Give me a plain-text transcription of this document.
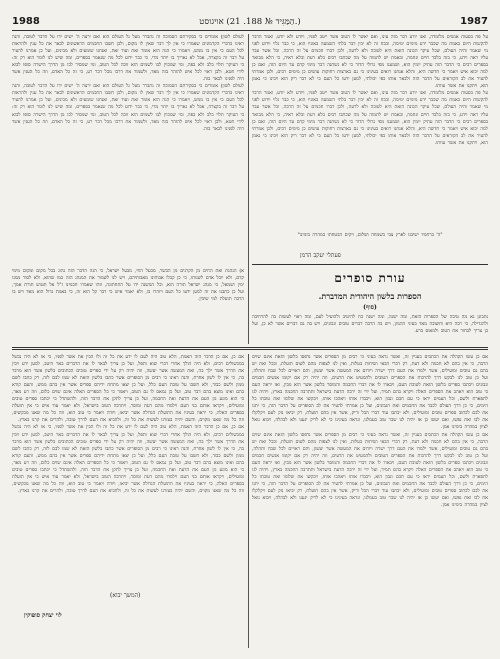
1988	הַמַּגִּיד ‏№ 188. ‏21) אויגוסט.)	1987

על פה בסעות אנשים מלומדה, ואנו יודע דבר מזה עינו, ואם יאשר לו הטוב אשר ייטב לפניו, ויודע ולא יודע, ואמר הדבר להקשות היום באמת מה שכבר ידע מימים ימימה, ובכח זה לא יבין דבר בלתי השמעה באזניו הוא, כי כבר גלוי וידוע לפני מי שאמר והיה העולם, שכל עיקר הכונה הזאת היא לטובה ולא לרעה, ולכן דברו חכמים על זה הרבה, וכל אשר עבר עליו ראה וידע, כי בזה בלבד חיים ונחמה, ובאמת יש לתמוה על מה שכתבו רבים בלא דעת ובלא ראיה, כי הלא מבואר בספרים רבים כי הדבר הזה עתיק יומין הוא, ושמענו מפי גדולי הדור כי לא נשתנה דבר מימי קדם עד היום הזה, ואם כן למה יבוא איש ויאמר כי חדשה היא, והלא אנחנו רואים בעינינו כי גם בארצות רחוקות עושים כן מימים רבים, ולכן אמרתי להעיר את לב הקוראים על הדבר הזה ולבאר אותו כפי יכולתי, למען ידעו כל העם כי לא דבר ריק הוא ויבינו כי נאמן הוא, ויתקנו את אשר עוותו.

על פה בסעות אנשים מלומדה, ואנו יודע דבר מזה עינו, ואם יאשר לו הטוב אשר ייטב לפניו, ויודע ולא יודע, ואמר הדבר להקשות היום באמת מה שכבר ידע מימים ימימה, ובכח זה לא יבין דבר בלתי השמעה באזניו הוא, כי כבר גלוי וידוע לפני מי שאמר והיה העולם, שכל עיקר הכונה הזאת היא לטובה ולא לרעה, ולכן דברו חכמים על זה הרבה, וכל אשר עבר עליו ראה וידע, כי בזה בלבד חיים ונחמה, ובאמת יש לתמוה על מה שכתבו רבים בלא דעת ובלא ראיה, כי הלא מבואר בספרים רבים כי הדבר הזה עתיק יומין הוא, ושמענו מפי גדולי הדור כי לא נשתנה דבר מימי קדם עד היום הזה, ואם כן למה יבוא איש ויאמר כי חדשה היא, והלא אנחנו רואים בעינינו כי גם בארצות רחוקות עושים כן מימים רבים, ולכן אמרתי להעיר את לב הקוראים על הדבר הזה ולבאר אותו כפי יכולתי, למען ידעו כל העם כי לא דבר ריק הוא ויבינו כי נאמן הוא, ויתקנו את אשר עוותו.

"ה' ברחמיו ישיבנו לארץ צבי בשמחה ושלום, ויקים הבטחתו במהרה בימינו"

פעתלי יעקב הרמן
עורת סופרים
הספרות בלשון היהודית המדברת.
(סוף)

נתבונן נא מה טיבה של הספרות הזאת, ומה ישנה, ומה ישנה כח להיטיב ולהועיל לעם, ומה ראוי לעשות בה להרחיבה ולהגדילה, כי רבה היא וחשובה מאד בעיני ההמון, ויש בה הרבה דברים טובים ונכונים, ויש בה גם דברים אשר לא כן, ועל כן צריך לבחור את הטוב ולמאוס ברע.

לעולם לשון) אומרים כי בסקירתם הסמוכה זה נתברר מעל גל העולם הוא ואם ירצה ה' ישים ידו על הדבר לטובה, והנה ראינו בדברי הקדמונים שאמרו כי אין לך דבר שאין לו מקום, ולכן חשבו החכמים הראשונים לבאר את כל ענין ולהראות לכל העם כי אין בו ממש, ויאמרו כי הנה הוא אומר זאת ועוד זאת, ואנחנו שומעים ולא מבינים, ועל כן אמרנו להעיר על דבר זה בקצרה, אבל לא נאריך בו יותר מדי, כי כבר ידוע לכל מה שנאמר בספרים, ומה שיש לנו לומר הוא רק זה: כי העיקר תלוי בלב ולא בפה, ומי שמכוין לבו לשמים הוא זוכה לכל הטוב, ומי שמסיר לבו מן הדרך הישרה סופו לבוא לידי חטא, ולכן ראוי לכל איש להזהר בזה מאד, ולשמור את דרכו מכל דבר רע, כי זה כל האדם, וזה כל הענין אשר היה לפנינו לבאר בזה.

לעולם לשון) אומרים כי בסקירתם הסמוכה זה נתברר מעל גל העולם הוא ואם ירצה ה' ישים ידו על הדבר לטובה, והנה ראינו בדברי הקדמונים שאמרו כי אין לך דבר שאין לו מקום, ולכן חשבו החכמים הראשונים לבאר את כל ענין ולהראות לכל העם כי אין בו ממש, ויאמרו כי הנה הוא אומר זאת ועוד זאת, ואנחנו שומעים ולא מבינים, ועל כן אמרנו להעיר על דבר זה בקצרה, אבל לא נאריך בו יותר מדי, כי כבר ידוע לכל מה שנאמר בספרים, ומה שיש לנו לומר הוא רק זה: כי העיקר תלוי בלב ולא בפה, ומי שמכוין לבו לשמים הוא זוכה לכל הטוב, ומי שמסיר לבו מן הדרך הישרה סופו לבוא לידי חטא, ולכן ראוי לכל איש להזהר בזה מאד, ולשמור את דרכו מכל דבר רע, כי זה כל האדם, וזה כל הענין אשר היה לפנינו לבאר בזה.

א) הנהגת ואת החים מן הקרנים מן הבשר, מבעל החי, מבעל ישראל, כי הנה הדבר הזה נהוג בכל מקום ומקום מימי קדם, ולא יוכל אדם לשנותו, כי כן קבלו אבותינו מאבותיהם, ויש לנו לשמור את המנהג הזה כמו שהוא, ולא לסור ממנו ימין ושמאל, כי מנהג ישראל תורה הוא, וכל המשנה ידו על התחתונה, וזהו שאמרו חכמינו ז"ל אל תטוש תורת אמך, ועל כן כתבנו את זה למען ידעו כל העם ויזהרו בו, ולא יאמר איש כי דבר קל הוא זה, כי באמת גדול הוא מאד ויש בו הרבה תועלת למי שיבין.

אם כן עשו הקהלה את הכתבים בעניין זה, ואשר נראה בעיני כי רבים מן הספרים אשר נדפסו בלשון הזאת אינם שוים הרבה, כי אין בהם לא חכמה ולא דעת, רק דברי הבאי ושיחות בטלות, ואין לנו לצפות מהם לשום תועלת, ובכל זאת יש בהם גם טובים ומועילים, אשר ילמדו את העם דרך ישרה ויורום את המעשה אשר יעשון, והם ראויים לכל שבח ותהלה, ועל כן טוב לנו לבקש דרך להרבות את הספרים הטובים ולהמעיט את הרעים, וזה יהיה רק אם יקומו אנשים חכמים ונבונים ויכתבו ספרים בלשון הזאת לטובת העם, ויבארו לו את דברי החכמה והמוסר בלשון אשר הוא מבין, ואז יראה העם כי טוב הוא ויאהב את הספרים האלה ויקרא בהם תמיד, ועל ידי זה ירבה הדעת בישראל ותתרבה החכמה בארץ, ויהיה לנו לתפארת ולשם, וכל העמים יראו כי עם חכם ונבון הוא, ויכבדו אותו ויאהבו אותו, ויבקשו את שלומו ואת טובתו כל הימים, כי כן דרך העולם לכבד את החכמים ואת הנבונים, ועל כן אמרתי להעיר את לב הסופרים על הדבר הזה, כי יתנו את לבם לכתוב ספרים טובים ומועילים, ולא יכתבו עוד דברי הבל וריק, אשר אין בהם תועלת, רק יביאו נזק לעם ויקלקלו את לבו ואת נפשו, ואם יעשו כן אז יהיה לנו שכר טוב בעמלנו, ונראה בעינינו כי לא לריק יגענו ולא לבהלה, ויבוא גואל לציון במהרה בימינו אמן.

אם כן עשו הקהלה את הכתבים בעניין זה, ואשר נראה בעיני כי רבים מן הספרים אשר נדפסו בלשון הזאת אינם שוים הרבה, כי אין בהם לא חכמה ולא דעת, רק דברי הבאי ושיחות בטלות, ואין לנו לצפות מהם לשום תועלת, ובכל זאת יש בהם גם טובים ומועילים, אשר ילמדו את העם דרך ישרה ויורום את המעשה אשר יעשון, והם ראויים לכל שבח ותהלה, ועל כן טוב לנו לבקש דרך להרבות את הספרים הטובים ולהמעיט את הרעים, וזה יהיה רק אם יקומו אנשים חכמים ונבונים ויכתבו ספרים בלשון הזאת לטובת העם, ויבארו לו את דברי החכמה והמוסר בלשון אשר הוא מבין, ואז יראה העם כי טוב הוא ויאהב את הספרים האלה ויקרא בהם תמיד, ועל ידי זה ירבה הדעת בישראל ותתרבה החכמה בארץ, ויהיה לנו לתפארת ולשם, וכל העמים יראו כי עם חכם ונבון הוא, ויכבדו אותו ויאהבו אותו, ויבקשו את שלומו ואת טובתו כל הימים, כי כן דרך העולם לכבד את החכמים ואת הנבונים, ועל כן אמרתי להעיר את לב הסופרים על הדבר הזה, כי יתנו את לבם לכתוב ספרים טובים ומועילים, ולא יכתבו עוד דברי הבל וריק, אשר אין בהם תועלת, רק יביאו נזק לעם ויקלקלו את לבו ואת נפשו, ואם יעשו כן אז יהיה לנו שכר טוב בעמלנו, ונראה בעינינו כי לא לריק יגענו ולא לבהלה, ויבוא גואל לציון במהרה בימינו אמן.

אם כן, אם כן הדבר הזה האמת, הלא טוב היה לעם לו ידע את כל זה ולו הבין את אשר לפניו, כי אז לא היה נכשל במכשולים רבים, ולא היה הולך אחרי דברי שוא ותפל, ועל כן צריך לבאר לו את הדברים באר היטב, למען ידע ויבין את הדרך אשר ילך בה, ואת המעשה אשר יעשה, וזה יהיה רק על ידי ספרים טובים הכתובים בלשון אשר הוא מדבר בה, כי אין לו לשון אחרת, והנה ראינו כי רבים מן הסופרים אשר כתבו בלשון הזאת לא שמו לבם לזה, רק כתבו לשם ממון ולשם כבוד, ולא חשבו על טובת העם כלל, ועל כן יצאו מתחת ידיהם ספרים אשר אין בהם ממש, והעם קורא בהם ואינו מוצא בהם דבר טוב, ועל כן נמאס לו גם הטוב, ויאמר כי כל הספרים האלה אינם שוים כלום, וזה רע מאד, כי הוא מונע מן העם את הדעת ואת החכמה, ועל כן צריך לתקן את הדבר הזה, ולהשתדל כי יכתבו ספרים טובים ומועילים, ויקראו אותם בני העם וילמדו מהם דעת ומוסר, ויתרבה הטוב בישראל, ולא יאמר עוד איש כי אין תועלת בספרים האלה, כי יראה בעיניו את התועלת הגדולה אשר יביאו, ויודה ויאמר כי טוב הוא, וזה כל מה שאנו מבקשים, וזה כל מה שאנו מקוים, והשם יהיה בעזרנו לעשות את כל זה, ולהביא את העם לדרך טובה, ולהרים את קרנו בארץ.

אם כן, אם כן הדבר הזה האמת, הלא טוב היה לעם לו ידע את כל זה ולו הבין את אשר לפניו, כי אז לא היה נכשל במכשולים רבים, ולא היה הולך אחרי דברי שוא ותפל, ועל כן צריך לבאר לו את הדברים באר היטב, למען ידע ויבין את הדרך אשר ילך בה, ואת המעשה אשר יעשה, וזה יהיה רק על ידי ספרים טובים הכתובים בלשון אשר הוא מדבר בה, כי אין לו לשון אחרת, והנה ראינו כי רבים מן הסופרים אשר כתבו בלשון הזאת לא שמו לבם לזה, רק כתבו לשם ממון ולשם כבוד, ולא חשבו על טובת העם כלל, ועל כן יצאו מתחת ידיהם ספרים אשר אין בהם ממש, והעם קורא בהם ואינו מוצא בהם דבר טוב, ועל כן נמאס לו גם הטוב, ויאמר כי כל הספרים האלה אינם שוים כלום, וזה רע מאד, כי הוא מונע מן העם את הדעת ואת החכמה, ועל כן צריך לתקן את הדבר הזה, ולהשתדל כי יכתבו ספרים טובים ומועילים, ויקראו אותם בני העם וילמדו מהם דעת ומוסר, ויתרבה הטוב בישראל, ולא יאמר עוד איש כי אין תועלת בספרים האלה, כי יראה בעיניו את התועלת הגדולה אשר יביאו, ויודה ויאמר כי טוב הוא, וזה כל מה שאנו מבקשים, וזה כל מה שאנו מקוים, והשם יהיה בעזרנו לעשות את כל זה, ולהביא את העם לדרך טובה, ולהרים את קרנו בארץ.

(המשך יבוא)
לוי יצחק סופוקין
